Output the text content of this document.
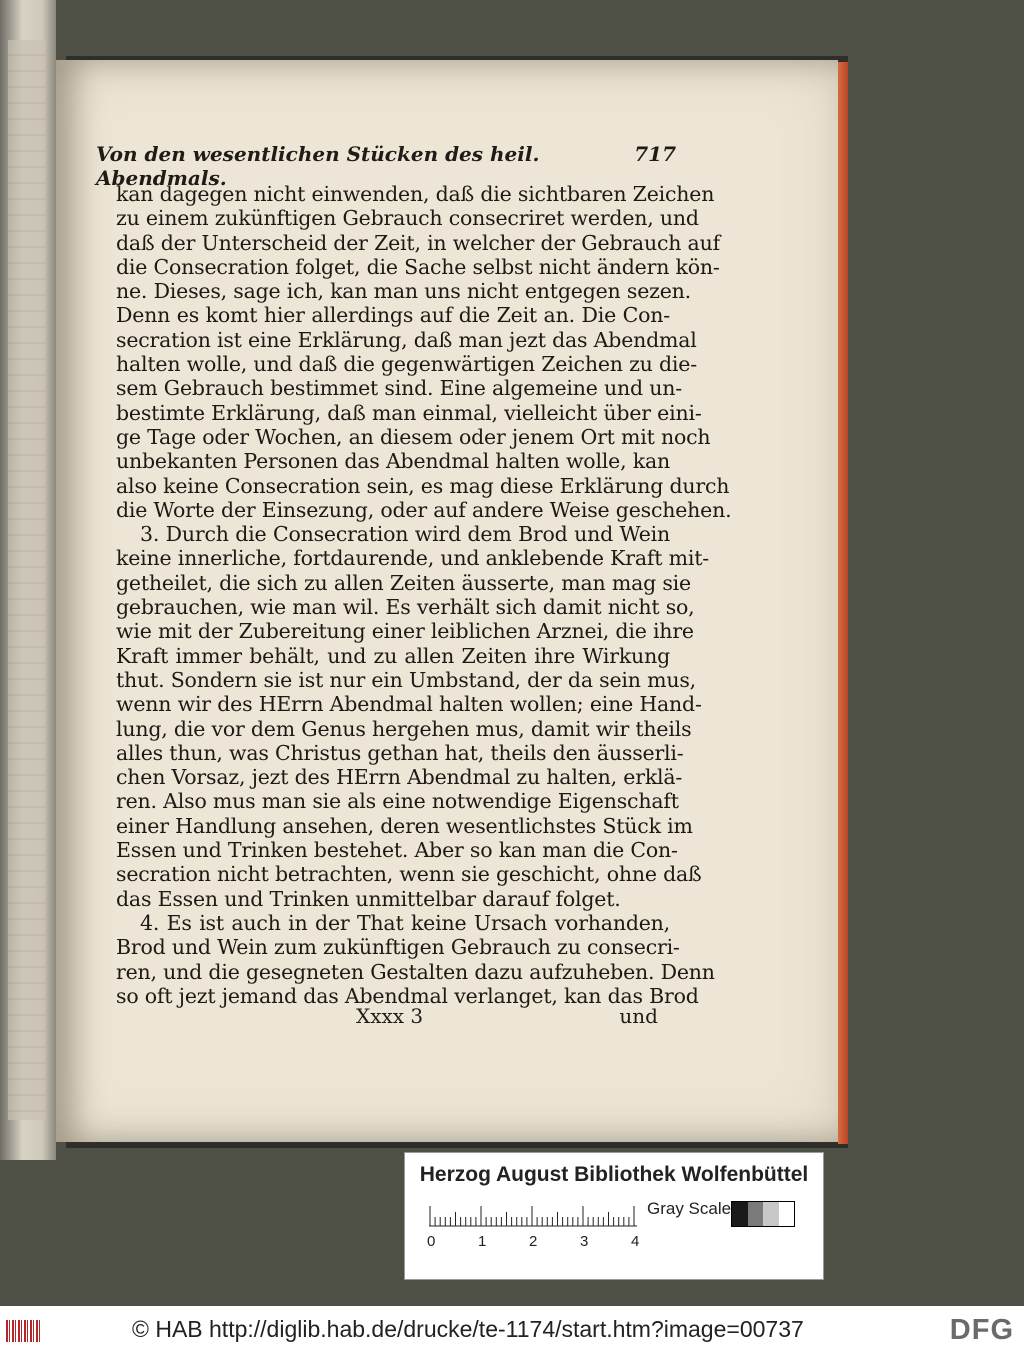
Von den wesentlichen Stücken des heil. Abendmals.
717
kan dagegen nicht einwenden, daß die sichtbaren Zeichen
zu einem zukünftigen Gebrauch consecriret werden, und
daß der Unterscheid der Zeit, in welcher der Gebrauch auf
die Consecration folget, die Sache selbst nicht ändern kön-
ne. Dieses, sage ich, kan man uns nicht entgegen sezen.
Denn es komt hier allerdings auf die Zeit an. Die Con-
secration ist eine Erklärung, daß man jezt das Abendmal
halten wolle, und daß die gegenwärtigen Zeichen zu die-
sem Gebrauch bestimmet sind. Eine algemeine und un-
bestimte Erklärung, daß man einmal, vielleicht über eini-
ge Tage oder Wochen, an diesem oder jenem Ort mit noch
unbekanten Personen das Abendmal halten wolle, kan
also keine Consecration sein, es mag diese Erklärung durch
die Worte der Einsezung, oder auf andere Weise geschehen.
3. Durch die Consecration wird dem Brod und Wein
keine innerliche, fortdaurende, und anklebende Kraft mit-
getheilet, die sich zu allen Zeiten äusserte, man mag sie
gebrauchen, wie man wil. Es verhält sich damit nicht so,
wie mit der Zubereitung einer leiblichen Arznei, die ihre
Kraft immer behält, und zu allen Zeiten ihre Wirkung
thut. Sondern sie ist nur ein Umbstand, der da sein mus,
wenn wir des HErrn Abendmal halten wollen; eine Hand-
lung, die vor dem Genus hergehen mus, damit wir theils
alles thun, was Christus gethan hat, theils den äusserli-
chen Vorsaz, jezt des HErrn Abendmal zu halten, erklä-
ren. Also mus man sie als eine notwendige Eigenschaft
einer Handlung ansehen, deren wesentlichstes Stück im
Essen und Trinken bestehet. Aber so kan man die Con-
secration nicht betrachten, wenn sie geschicht, ohne daß
das Essen und Trinken unmittelbar darauf folget.
4. Es ist auch in der That keine Ursach vorhanden,
Brod und Wein zum zukünftigen Gebrauch zu consecri-
ren, und die gesegneten Gestalten dazu aufzuheben. Denn
so oft jezt jemand das Abendmal verlanget, kan das Brod
Xxxx 3	und
Herzog August Bibliothek Wolfenbüttel
0	1	2	3	4
Gray Scale
© HAB http://diglib.hab.de/drucke/te-1174/start.htm?image=00737	DFG
